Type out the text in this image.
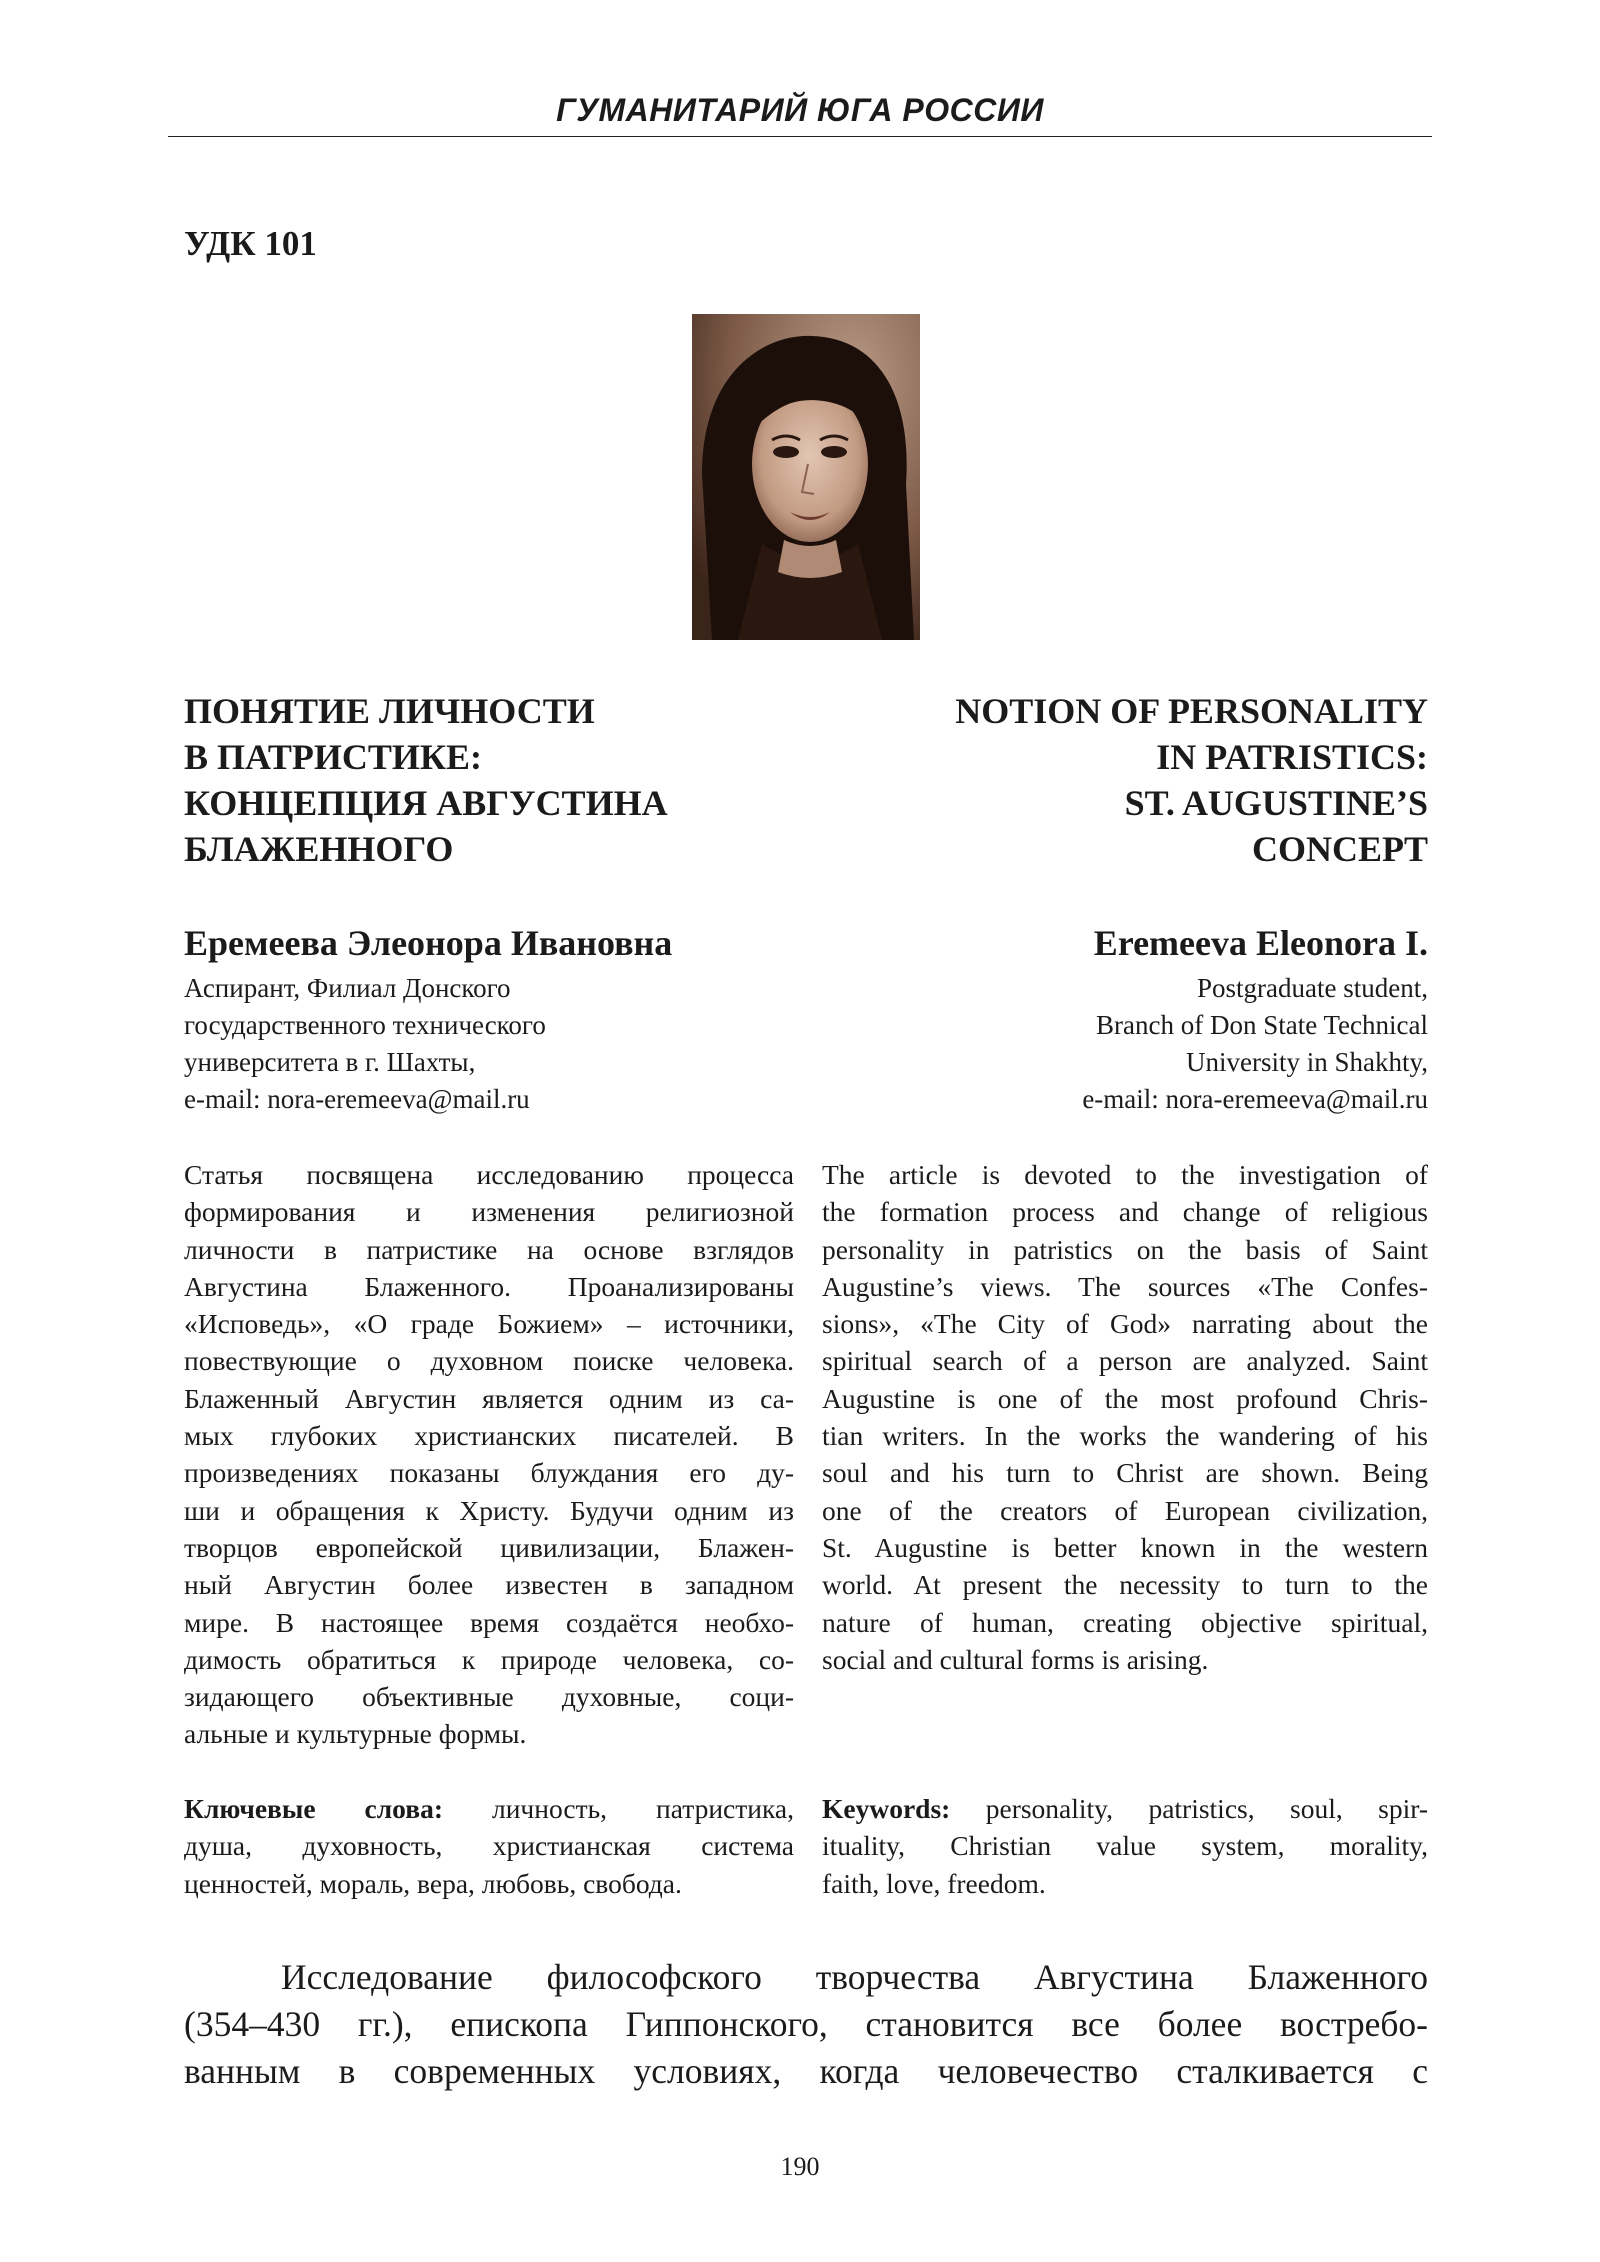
ГУМАНИТАРИЙ ЮГА РОССИИ
УДК 101
ПОНЯТИЕ ЛИЧНОСТИ
В ПАТРИСТИКЕ:
КОНЦЕПЦИЯ АВГУСТИНА
БЛАЖЕННОГО
NOTION OF PERSONALITY
IN PATRISTICS:
ST. AUGUSTINE’S
CONCEPT
Еремеева Элеонора Ивановна	Eremeeva Eleonora I.
Аспирант, Филиал Донского
государственного технического
университета в г. Шахты,
e-mail: nora-eremeeva@mail.ru
Postgraduate student,
Branch of Don State Technical
University in Shakhty,
e-mail: nora-eremeeva@mail.ru
Статья посвящена исследованию процесса
формирования и изменения религиозной
личности в патристике на основе взглядов
Августина Блаженного. Проанализированы
«Исповедь», «О граде Божием» – источники,
повествующие о духовном поиске человека.
Блаженный Августин является одним из са-
мых глубоких христианских писателей. В
произведениях показаны блуждания его ду-
ши и обращения к Христу. Будучи одним из
творцов европейской цивилизации, Блажен-
ный Августин более известен в западном
мире. В настоящее время создаётся необхо-
димость обратиться к природе человека, со-
зидающего объективные духовные, соци-
альные и культурные формы.
The article is devoted to the investigation of
the formation process and change of religious
personality in patristics on the basis of Saint
Augustine’s views. The sources «The Confes-
sions», «The City of God» narrating about the
spiritual search of a person are analyzed. Saint
Augustine is one of the most profound Chris-
tian writers. In the works the wandering of his
soul and his turn to Christ are shown. Being
one of the creators of European civilization,
St. Augustine is better known in the western
world. At present the necessity to turn to the
nature of human, creating objective spiritual,
social and cultural forms is arising.
Ключевые слова: личность, патристика,
душа, духовность, христианская система
ценностей, мораль, вера, любовь, свобода.
Keywords: personality, patristics, soul, spir-
ituality, Christian value system, morality,
faith, love, freedom.
Исследование философского творчества Августина Блаженного
(354–430 гг.), епископа Гиппонского, становится все более востребо-
ванным в современных условиях, когда человечество сталкивается с
190
